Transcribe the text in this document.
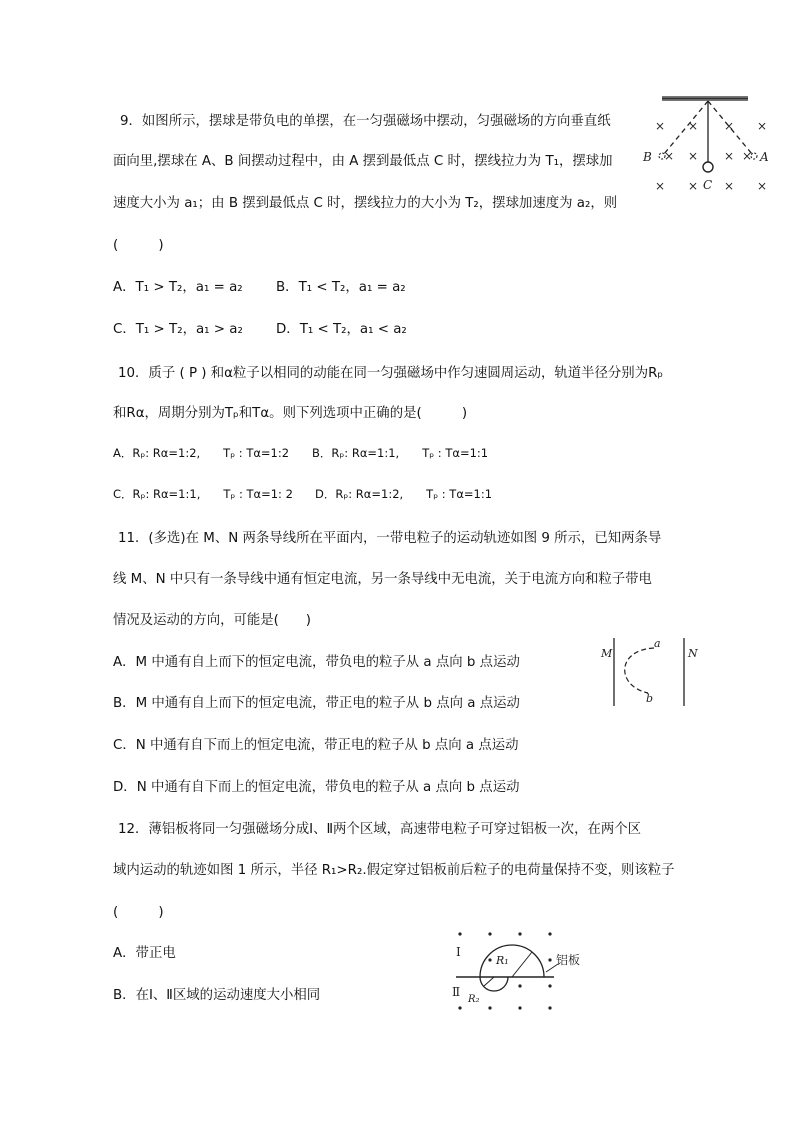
9．如图所示，摆球是带负电的单摆，在一匀强磁场中摆动，匀强磁场的方向垂直纸
面向里,摆球在 A、B 间摆动过程中，由 A 摆到最低点 C 时，摆线拉力为 T₁，摆球加
速度大小为 a₁；由 B 摆到最低点 C 时，摆线拉力的大小为 T₂，摆球加速度为 a₂，则
(　　　)
A．T₁ > T₂，a₁ = a₂ B．T₁ < T₂，a₁ = a₂
C．T₁ > T₂，a₁ > a₂ D．T₁ < T₂，a₁ < a₂
× × × ×
× × × ×
× × × ×
B	A
C
10．质子 ( P ) 和α粒子以相同的动能在同一匀强磁场中作匀速圆周运动，轨道半径分别为Rₚ
和Rα，周期分别为Tₚ和Tα。则下列选项中正确的是(　　　)
A．Rₚ: Rα=1:2,　　Tₚ : Tα=1:2 B．Rₚ: Rα=1:1,　　Tₚ : Tα=1:1
C．Rₚ: Rα=1:1,　　Tₚ : Tα=1: 2 D．Rₚ: Rα=1:2,　　Tₚ : Tα=1:1
11．(多选)在 M、N 两条导线所在平面内，一带电粒子的运动轨迹如图 9 所示，已知两条导
线 M、N 中只有一条导线中通有恒定电流，另一条导线中无电流，关于电流方向和粒子带电
情况及运动的方向，可能是(　　)
A．M 中通有自上而下的恒定电流，带负电的粒子从 a 点向 b 点运动
B．M 中通有自上而下的恒定电流，带正电的粒子从 b 点向 a 点运动
C．N 中通有自下而上的恒定电流，带正电的粒子从 b 点向 a 点运动
D．N 中通有自下而上的恒定电流，带负电的粒子从 a 点向 b 点运动
M	N
a
b
12．薄铝板将同一匀强磁场分成Ⅰ、Ⅱ两个区域，高速带电粒子可穿过铝板一次，在两个区
域内运动的轨迹如图 1 所示，半径 R₁>R₂.假定穿过铝板前后粒子的电荷量保持不变，则该粒子
(　　　)
A．带正电
B．在Ⅰ、Ⅱ区域的运动速度大小相同
Ⅰ
Ⅱ
R₁
R₂
铝板
